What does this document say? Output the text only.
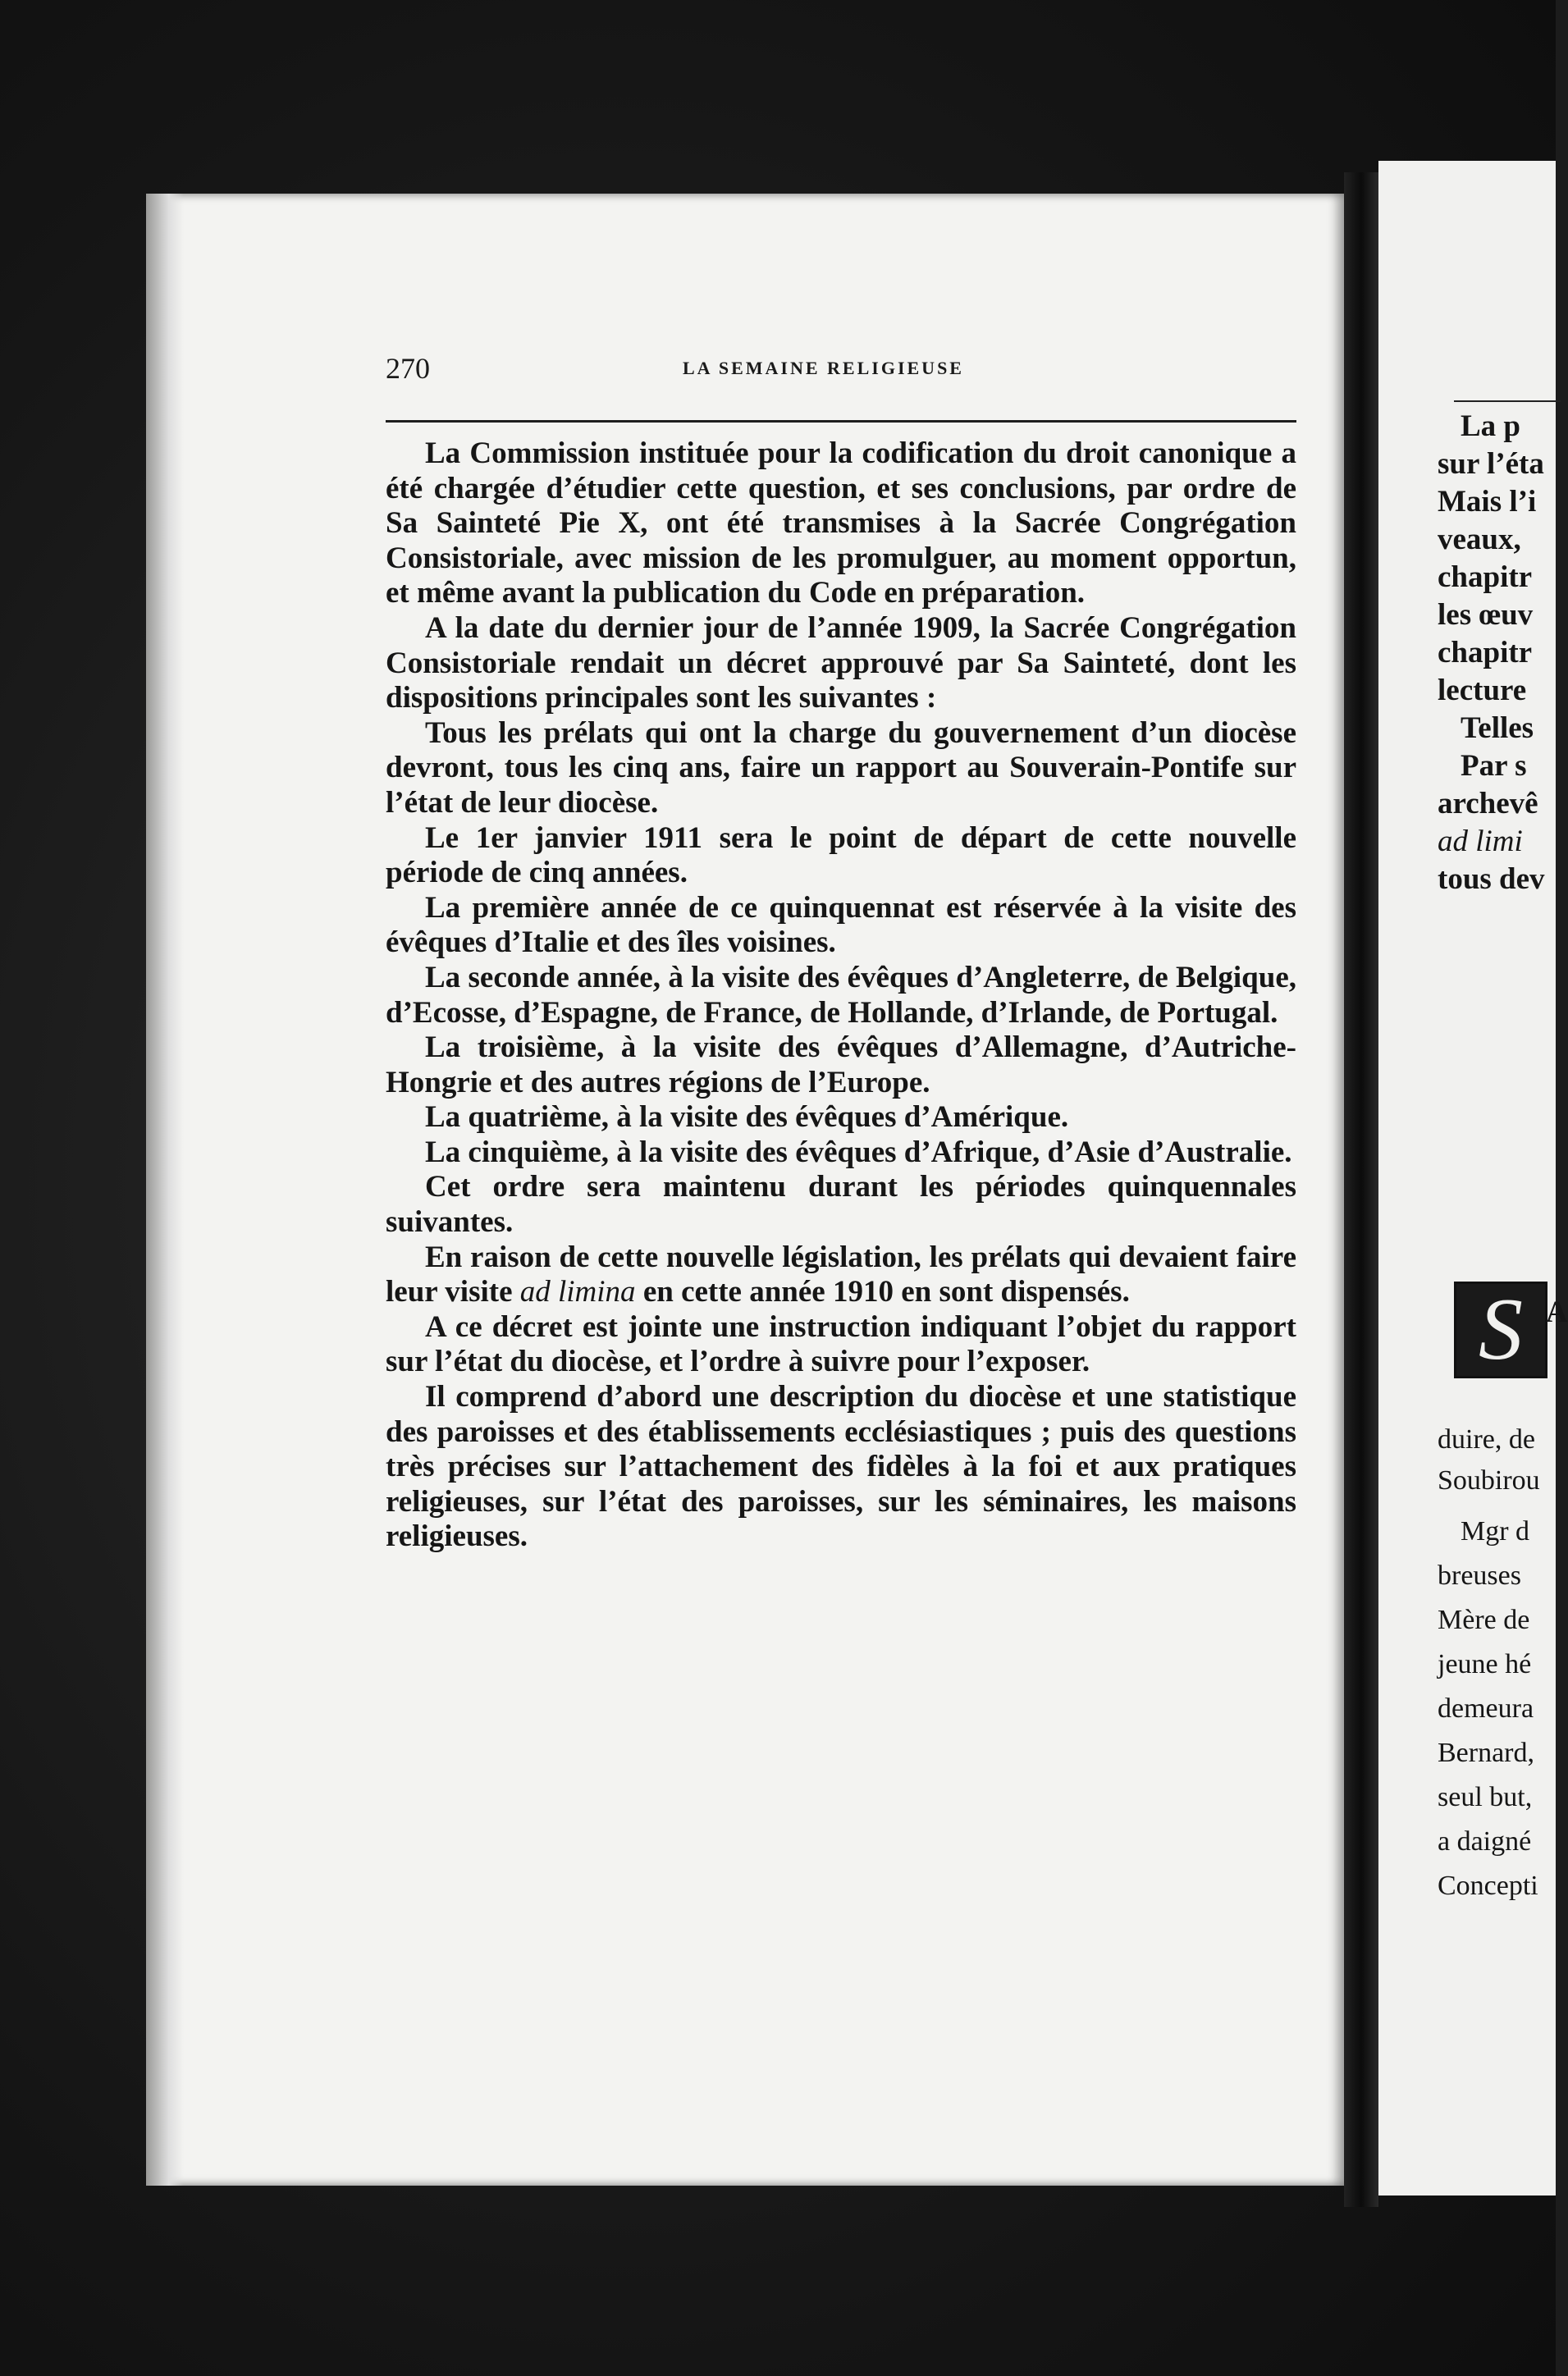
270	LA SEMAINE RELIGIEUSE

La Commission instituée pour la codification du droit canonique a été chargée d’étudier cette question, et ses conclusions, par ordre de Sa Sainteté Pie X, ont été transmises à la Sacrée Congrégation Consistoriale, avec mission de les promulguer, au moment opportun, et même avant la publication du Code en préparation.

A la date du dernier jour de l’année 1909, la Sacrée Congrégation Consistoriale rendait un décret approuvé par Sa Sainteté, dont les dispositions principales sont les suivantes :

Tous les prélats qui ont la charge du gouvernement d’un diocèse devront, tous les cinq ans, faire un rapport au Souverain-Pontife sur l’état de leur diocèse.

Le 1er janvier 1911 sera le point de départ de cette nouvelle période de cinq années.

La première année de ce quinquennat est réservée à la visite des évêques d’Italie et des îles voisines.

La seconde année, à la visite des évêques d’Angleterre, de Belgique, d’Ecosse, d’Espagne, de France, de Hollande, d’Irlande, de Portugal.

La troisième, à la visite des évêques d’Allemagne, d’Autriche-Hongrie et des autres régions de l’Europe.

La quatrième, à la visite des évêques d’Amérique.

La cinquième, à la visite des évêques d’Afrique, d’Asie d’Australie.

Cet ordre sera maintenu durant les périodes quinquennales suivantes.

En raison de cette nouvelle législation, les prélats qui devaient faire leur visite ad limina en cette année 1910 en sont dispensés.

A ce décret est jointe une instruction indiquant l’objet du rapport sur l’état du diocèse, et l’ordre à suivre pour l’exposer.

Il comprend d’abord une description du diocèse et une statistique des paroisses et des établissements ecclésiastiques ; puis des questions très précises sur l’attachement des fidèles à la foi et aux pratiques religieuses, sur l’état des paroisses, sur les séminaires, les maisons religieuses.

La p
sur l’éta
Mais l’i
veaux,
chapitr
les œuv
chapitr
lecture
Telles
Par s
archevê
ad limi
tous dev
S A
duire, de
Soubirou
Mgr d
breuses
Mère de
jeune hé
demeura
Bernard,
seul but,
a daigné
Concepti
